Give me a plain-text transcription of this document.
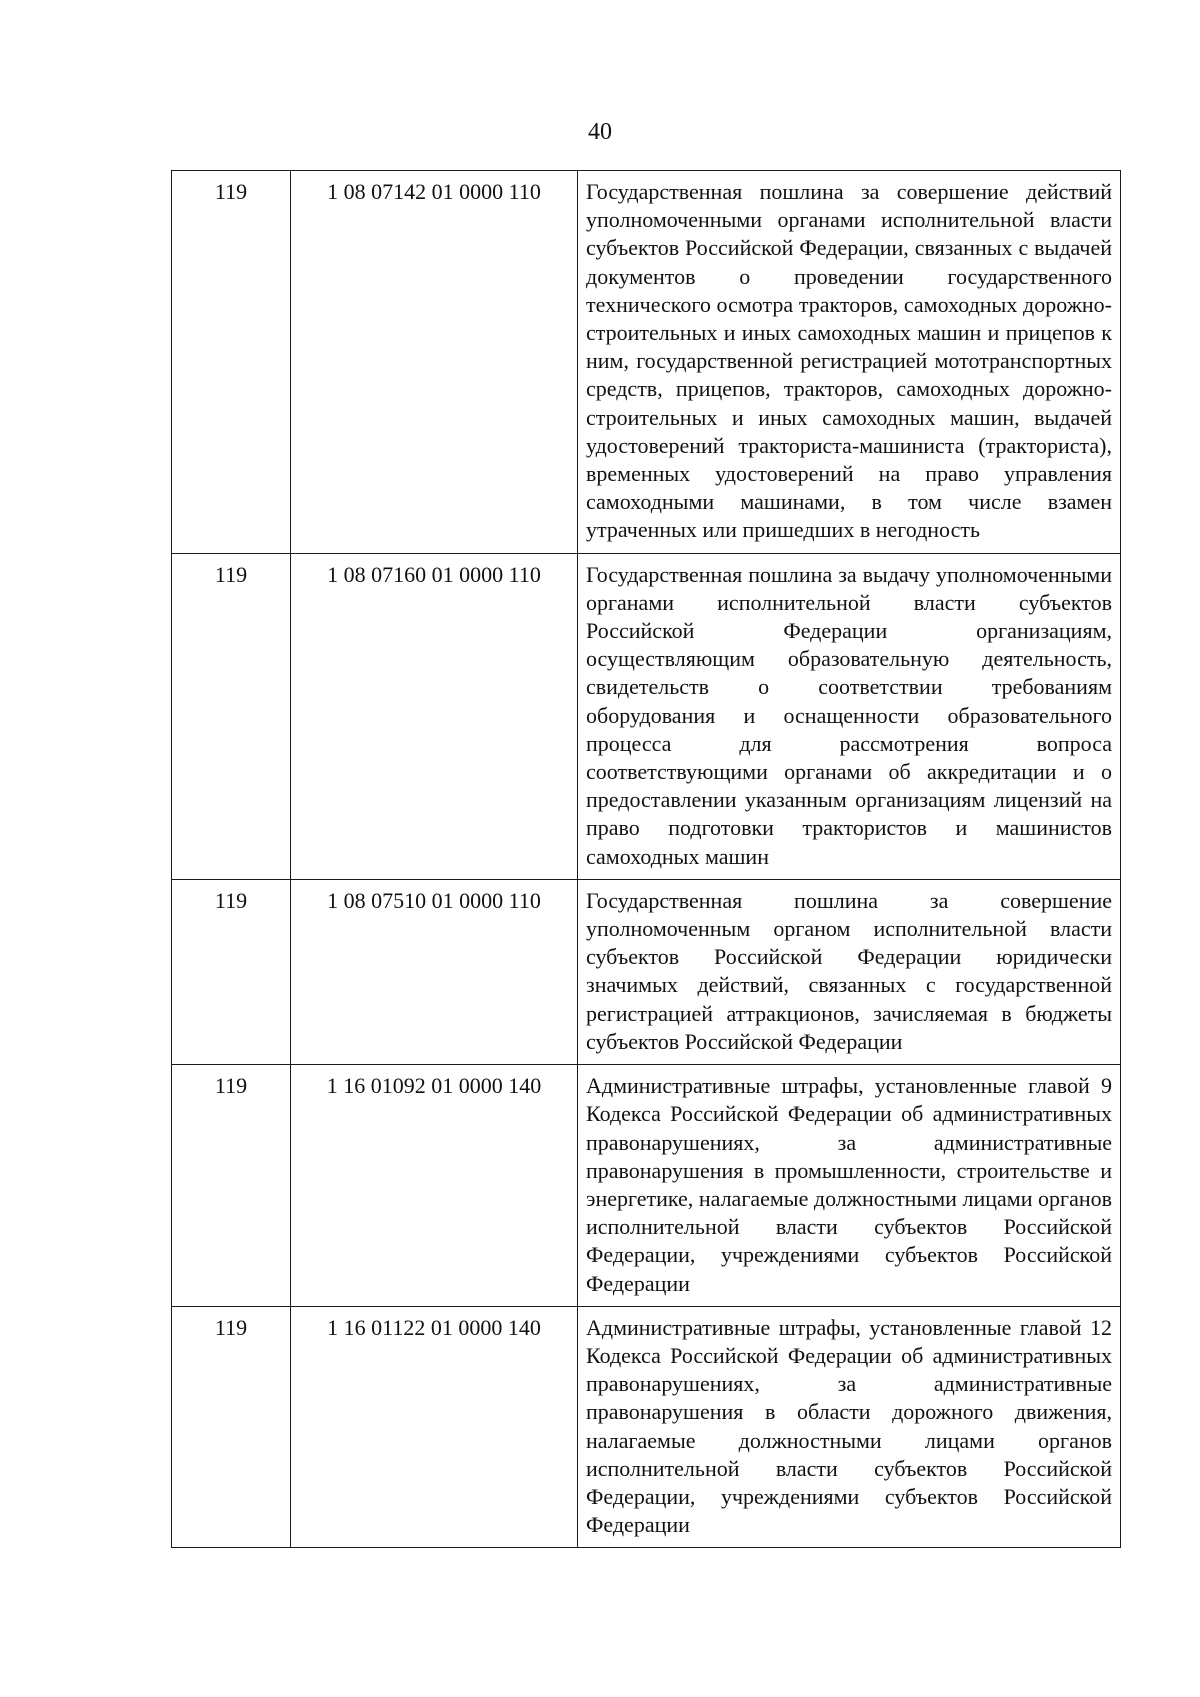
40
119	1 08 07142 01 0000 110	Государственная пошлина за совершение действий уполномоченными органами исполнительной власти субъектов Российской Федерации, связанных с выдачей документов о проведении государственного технического осмотра тракторов, самоходных дорожно-строительных и иных самоходных машин и прицепов к ним, государственной регистрацией мототранспортных средств, прицепов, тракторов, самоходных дорожно-строительных и иных самоходных машин, выдачей удостоверений тракториста-машиниста (тракториста), временных удостоверений на право управления самоходными машинами, в том числе взамен утраченных или пришедших в негодность
119	1 08 07160 01 0000 110	Государственная пошлина за выдачу уполномоченными органами исполнительной власти субъектов Российской Федерации организациям, осуществляющим образовательную деятельность, свидетельств о соответствии требованиям оборудования и оснащенности образовательного процесса для рассмотрения вопроса соответствующими органами об аккредитации и о предоставлении указанным организациям лицензий на право подготовки трактористов и машинистов самоходных машин
119	1 08 07510 01 0000 110	Государственная пошлина за совершение уполномоченным органом исполнительной власти субъектов Российской Федерации юридически значимых действий, связанных с государственной регистрацией аттракционов, зачисляемая в бюджеты субъектов Российской Федерации
119	1 16 01092 01 0000 140	Административные штрафы, установленные главой 9 Кодекса Российской Федерации об административных правонарушениях, за административные правонарушения в промышленности, строительстве и энергетике, налагаемые должностными лицами органов исполнительной власти субъектов Российской Федерации, учреждениями субъектов Российской Федерации
119	1 16 01122 01 0000 140	Административные штрафы, установленные главой 12 Кодекса Российской Федерации об административных правонарушениях, за административные правонарушения в области дорожного движения, налагаемые должностными лицами органов исполнительной власти субъектов Российской Федерации, учреждениями субъектов Российской Федерации
